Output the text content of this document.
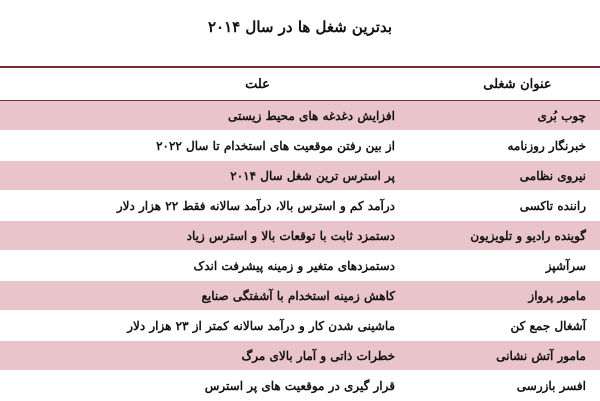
بدترین شغل ها در سال ۲۰۱۴
عنوان شغلی
علت
چوب بُری
افزایش دغدغه های محیط زیستی
خبرنگار روزنامه
از بین رفتن موقعیت های استخدام تا سال ۲۰۲۲
نیروی نظامی
پر استرس ترین شغل سال ۲۰۱۴
راننده تاکسی
درآمد کم و استرس بالا، درآمد سالانه فقط ۲۲ هزار دلار
گوینده رادیو و تلویزیون
دستمزد ثابت با توقعات بالا و استرس زیاد
سرآشپز
دستمزدهای متغیر و زمینه پیشرفت اندک
مامور پرواز
کاهش زمینه استخدام با آشفتگی صنایع
آشغال جمع کن
ماشینی شدن کار و درآمد سالانه کمتر از ۲۳ هزار دلار
مامور آتش نشانی
خطرات ذاتی و آمار بالای مرگ
افسر بازرسی
قرار گیری در موقعیت های پر استرس
